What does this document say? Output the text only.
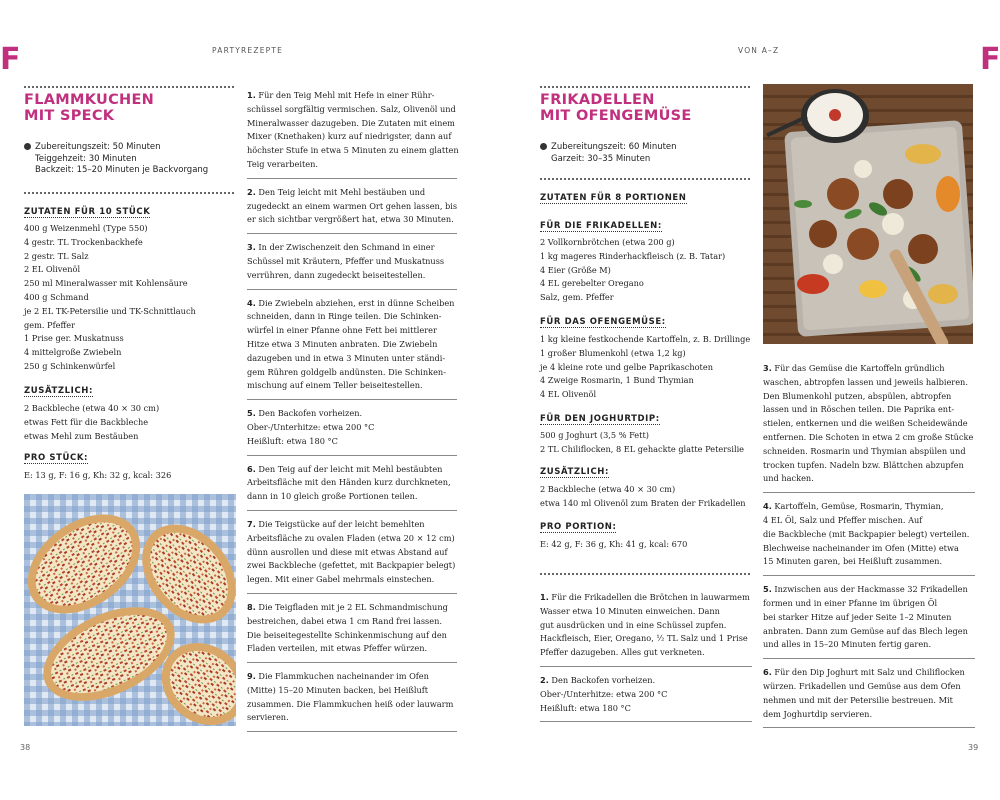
F	PARTYREZEPTE
FLAMMKUCHEN
MIT SPECK
Zubereitungszeit: 50 Minuten
Teiggehzeit: 30 Minuten
Backzeit: 15–20 Minuten je Backvorgang
ZUTATEN FÜR 10 STÜCK
400 g Weizenmehl (Type 550)
4 gestr. TL Trockenbackhefe
2 gestr. TL Salz
2 EL Olivenöl
250 ml Mineralwasser mit Kohlensäure
400 g Schmand
je 2 EL TK-Petersilie und TK-Schnittlauch
gem. Pfeffer
1 Prise ger. Muskatnuss
4 mittelgroße Zwiebeln
250 g Schinkenwürfel
ZUSÄTZLICH:
2 Backbleche (etwa 40 × 30 cm)
etwas Fett für die Backbleche
etwas Mehl zum Bestäuben
PRO STÜCK:
E: 13 g, F: 16 g, Kh: 32 g, kcal: 326
1. Für den Teig Mehl mit Hefe in einer Rühr-
schüssel sorgfältig vermischen. Salz, Olivenöl und
Mineralwasser dazugeben. Die Zutaten mit einem
Mixer (Knethaken) kurz auf niedrigster, dann auf
höchster Stufe in etwa 5 Minuten zu einem glatten
Teig verarbeiten.
2. Den Teig leicht mit Mehl bestäuben und
zugedeckt an einem warmen Ort gehen lassen, bis
er sich sichtbar vergrößert hat, etwa 30 Minuten.
3. In der Zwischenzeit den Schmand in einer
Schüssel mit Kräutern, Pfeffer und Muskatnuss
verrühren, dann zugedeckt beiseitestellen.
4. Die Zwiebeln abziehen, erst in dünne Scheiben
schneiden, dann in Ringe teilen. Die Schinken-
würfel in einer Pfanne ohne Fett bei mittlerer
Hitze etwa 3 Minuten anbraten. Die Zwiebeln
dazugeben und in etwa 3 Minuten unter ständi-
gem Rühren goldgelb andünsten. Die Schinken-
mischung auf einem Teller beiseitestellen.
5. Den Backofen vorheizen.
Ober-/Unterhitze: etwa 200 °C
Heißluft: etwa 180 °C
6. Den Teig auf der leicht mit Mehl bestäubten
Arbeitsfläche mit den Händen kurz durchkneten,
dann in 10 gleich große Portionen teilen.
7. Die Teigstücke auf der leicht bemehlten
Arbeitsfläche zu ovalen Fladen (etwa 20 × 12 cm)
dünn ausrollen und diese mit etwas Abstand auf
zwei Backbleche (gefettet, mit Backpapier belegt)
legen. Mit einer Gabel mehrmals einstechen.
8. Die Teigfladen mit je 2 EL Schmandmischung
bestreichen, dabei etwa 1 cm Rand frei lassen.
Die beiseitegestellte Schinkenmischung auf den
Fladen verteilen, mit etwas Pfeffer würzen.
9. Die Flammkuchen nacheinander im Ofen
(Mitte) 15–20 Minuten backen, bei Heißluft
zusammen. Die Flammkuchen heiß oder lauwarm
servieren.
38
VON A–Z	F
FRIKADELLEN
MIT OFENGEMÜSE
Zubereitungszeit: 60 Minuten
Garzeit: 30–35 Minuten
ZUTATEN FÜR 8 PORTIONEN
FÜR DIE FRIKADELLEN:
2 Vollkornbrötchen (etwa 200 g)
1 kg mageres Rinderhackfleisch (z. B. Tatar)
4 Eier (Größe M)
4 EL gerebelter Oregano
Salz, gem. Pfeffer
FÜR DAS OFENGEMÜSE:
1 kg kleine festkochende Kartoffeln, z. B. Drillinge
1 großer Blumenkohl (etwa 1,2 kg)
je 4 kleine rote und gelbe Paprikaschoten
4 Zweige Rosmarin, 1 Bund Thymian
4 EL Olivenöl
FÜR DEN JOGHURTDIP:
500 g Joghurt (3,5 % Fett)
2 TL Chiliflocken, 8 EL gehackte glatte Petersilie
ZUSÄTZLICH:
2 Backbleche (etwa 40 × 30 cm)
etwa 140 ml Olivenöl zum Braten der Frikadellen
PRO PORTION:
E: 42 g, F: 36 g, Kh: 41 g, kcal: 670
1. Für die Frikadellen die Brötchen in lauwarmem
Wasser etwa 10 Minuten einweichen. Dann
gut ausdrücken und in eine Schüssel zupfen.
Hackfleisch, Eier, Oregano, ½ TL Salz und 1 Prise
Pfeffer dazugeben. Alles gut verkneten.
2. Den Backofen vorheizen.
Ober-/Unterhitze: etwa 200 °C
Heißluft: etwa 180 °C
3. Für das Gemüse die Kartoffeln gründlich
waschen, abtropfen lassen und jeweils halbieren.
Den Blumenkohl putzen, abspülen, abtropfen
lassen und in Röschen teilen. Die Paprika ent-
stielen, entkernen und die weißen Scheidewände
entfernen. Die Schoten in etwa 2 cm große Stücke
schneiden. Rosmarin und Thymian abspülen und
trocken tupfen. Nadeln bzw. Blättchen abzupfen
und hacken.
4. Kartoffeln, Gemüse, Rosmarin, Thymian,
4 EL Öl, Salz und Pfeffer mischen. Auf
die Backbleche (mit Backpapier belegt) verteilen.
Blechweise nacheinander im Ofen (Mitte) etwa
15 Minuten garen, bei Heißluft zusammen.
5. Inzwischen aus der Hackmasse 32 Frikadellen
formen und in einer Pfanne im übrigen Öl
bei starker Hitze auf jeder Seite 1–2 Minuten
anbraten. Dann zum Gemüse auf das Blech legen
und alles in 15–20 Minuten fertig garen.
6. Für den Dip Joghurt mit Salz und Chiliflocken
würzen. Frikadellen und Gemüse aus dem Ofen
nehmen und mit der Petersilie bestreuen. Mit
dem Joghurtdip servieren.
39
